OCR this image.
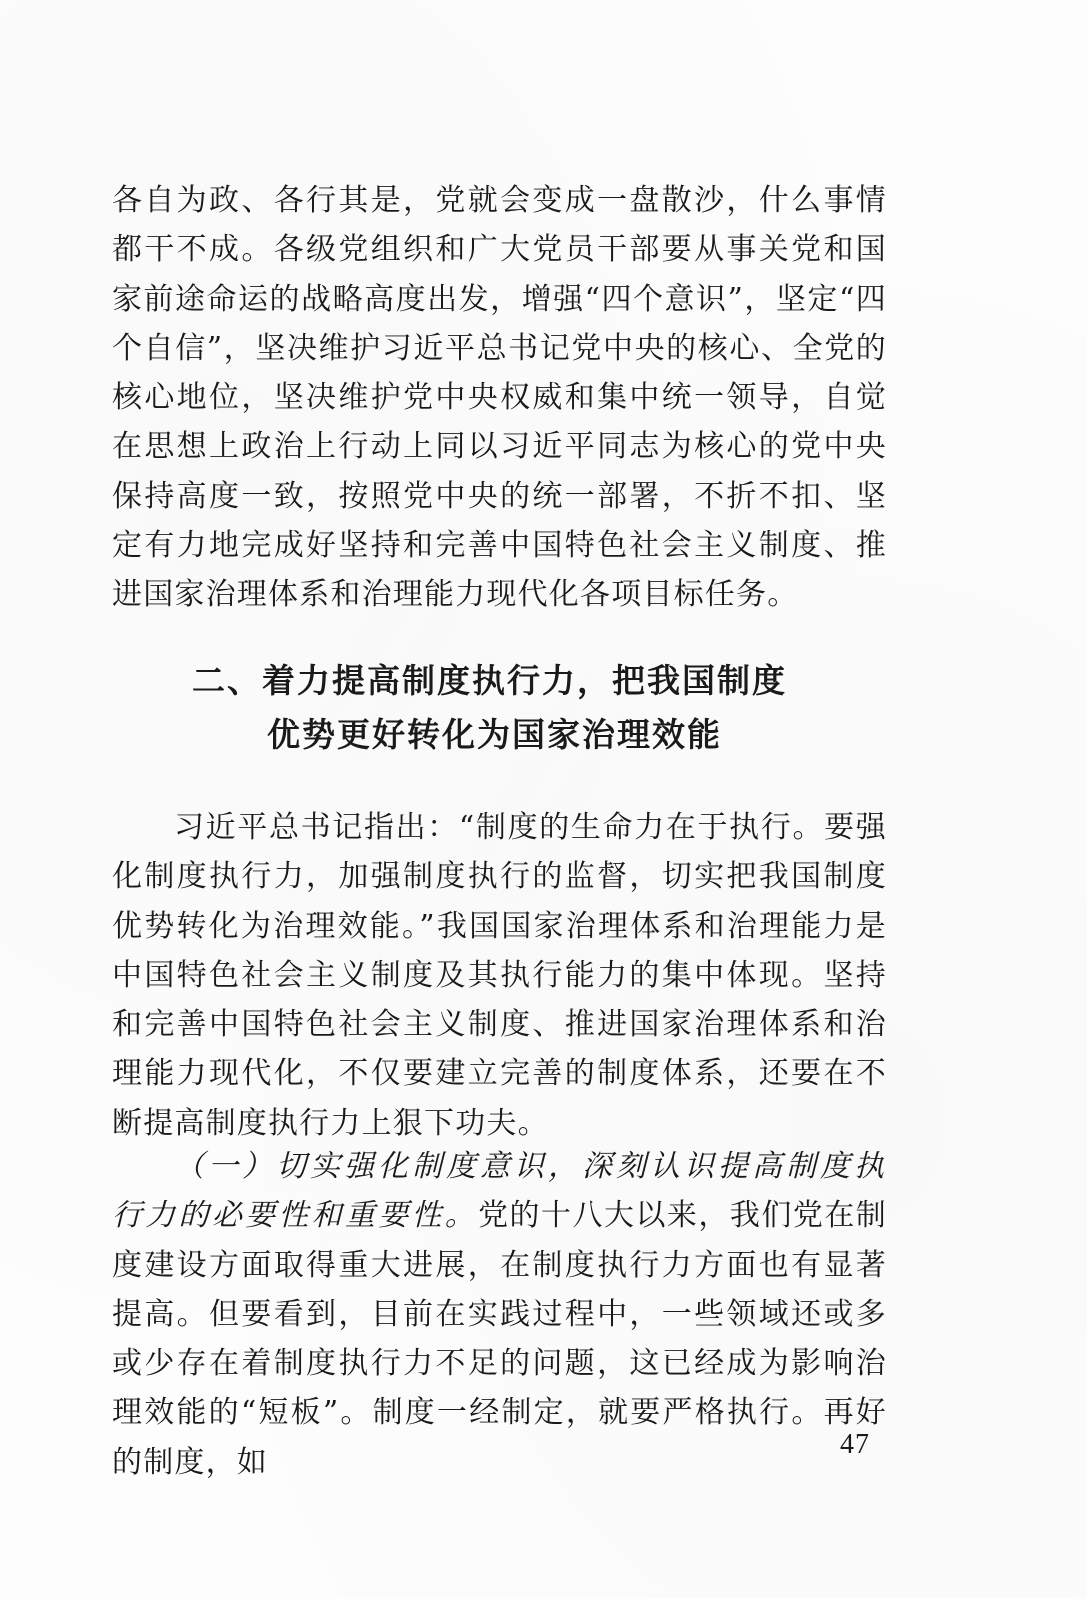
各自为政、各行其是，党就会变成一盘散沙，什么事情都干不成。各级党组织和广大党员干部要从事关党和国家前途命运的战略高度出发，增强“四个意识”，坚定“四个自信”，坚决维护习近平总书记党中央的核心、全党的核心地位，坚决维护党中央权威和集中统一领导，自觉在思想上政治上行动上同以习近平同志为核心的党中央保持高度一致，按照党中央的统一部署，不折不扣、坚定有力地完成好坚持和完善中国特色社会主义制度、推进国家治理体系和治理能力现代化各项目标任务。

二、着力提高制度执行力，把我国制度
优势更好转化为国家治理效能

习近平总书记指出：“制度的生命力在于执行。要强化制度执行力，加强制度执行的监督，切实把我国制度优势转化为治理效能。”我国国家治理体系和治理能力是中国特色社会主义制度及其执行能力的集中体现。坚持和完善中国特色社会主义制度、推进国家治理体系和治理能力现代化，不仅要建立完善的制度体系，还要在不断提高制度执行力上狠下功夫。

（一）切实强化制度意识，深刻认识提高制度执行力的必要性和重要性。党的十八大以来，我们党在制度建设方面取得重大进展，在制度执行力方面也有显著提高。但要看到，目前在实践过程中，一些领域还或多或少存在着制度执行力不足的问题，这已经成为影响治理效能的“短板”。制度一经制定，就要严格执行。再好的制度，如

47
